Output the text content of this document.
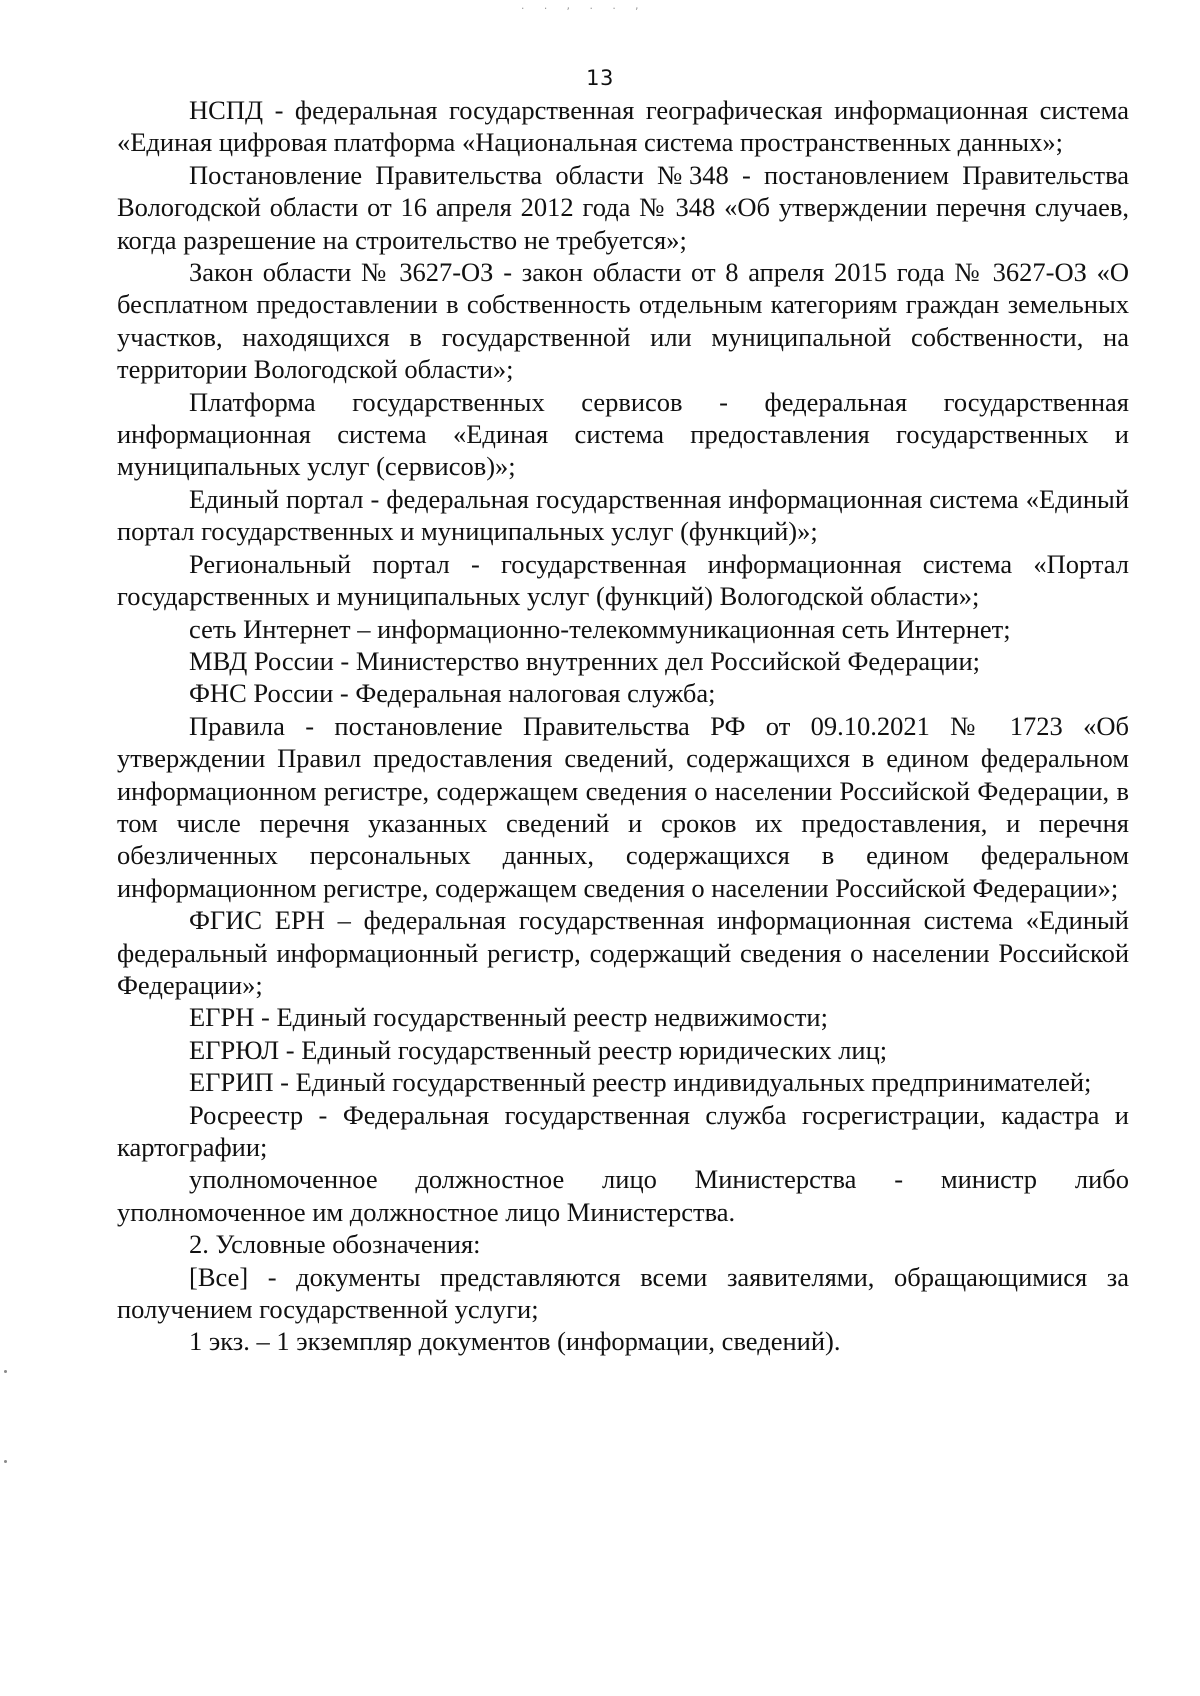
. . , . . ,
13

НСПД - федеральная государственная географическая информационная система «Единая цифровая платформа «Национальная система пространственных данных»;

Постановление Правительства области №348 - постановлением Правительства Вологодской области от 16 апреля 2012 года № 348 «Об утверждении перечня случаев, когда разрешение на строительство не требуется»;

Закон области № 3627-ОЗ - закон области от 8 апреля 2015 года № 3627-ОЗ «О бесплатном предоставлении в собственность отдельным категориям граждан земельных участков, находящихся в государственной или муниципальной собственности, на территории Вологодской области»;

Платформа государственных сервисов - федеральная государственная информационная система «Единая система предоставления государственных и муниципальных услуг (сервисов)»;

Единый портал - федеральная государственная информационная система «Единый портал государственных и муниципальных услуг (функций)»;

Региональный портал - государственная информационная система «Портал государственных и муниципальных услуг (функций) Вологодской области»;

сеть Интернет – информационно-телекоммуникационная сеть Интернет;

МВД России - Министерство внутренних дел Российской Федерации;

ФНС России - Федеральная налоговая служба;

Правила - постановление Правительства РФ от 09.10.2021 № 1723 «Об утверждении Правил предоставления сведений, содержащихся в едином федеральном информационном регистре, содержащем сведения о населении Российской Федерации, в том числе перечня указанных сведений и сроков их предоставления, и перечня обезличенных персональных данных, содержащихся в едином федеральном информационном регистре, содержащем сведения о населении Российской Федерации»;

ФГИС ЕРН – федеральная государственная информационная система «Единый федеральный информационный регистр, содержащий сведения о населении Российской Федерации»;

ЕГРН - Единый государственный реестр недвижимости;

ЕГРЮЛ - Единый государственный реестр юридических лиц;

ЕГРИП - Единый государственный реестр индивидуальных предпринимателей;

Росреестр - Федеральная государственная служба госрегистрации, кадастра и картографии;

уполномоченное должностное лицо Министерства - министр либо уполномоченное им должностное лицо Министерства.

2. Условные обозначения:

[Все] - документы представляются всеми заявителями, обращающимися за получением государственной услуги;

1 экз. – 1 экземпляр документов (информации, сведений).
